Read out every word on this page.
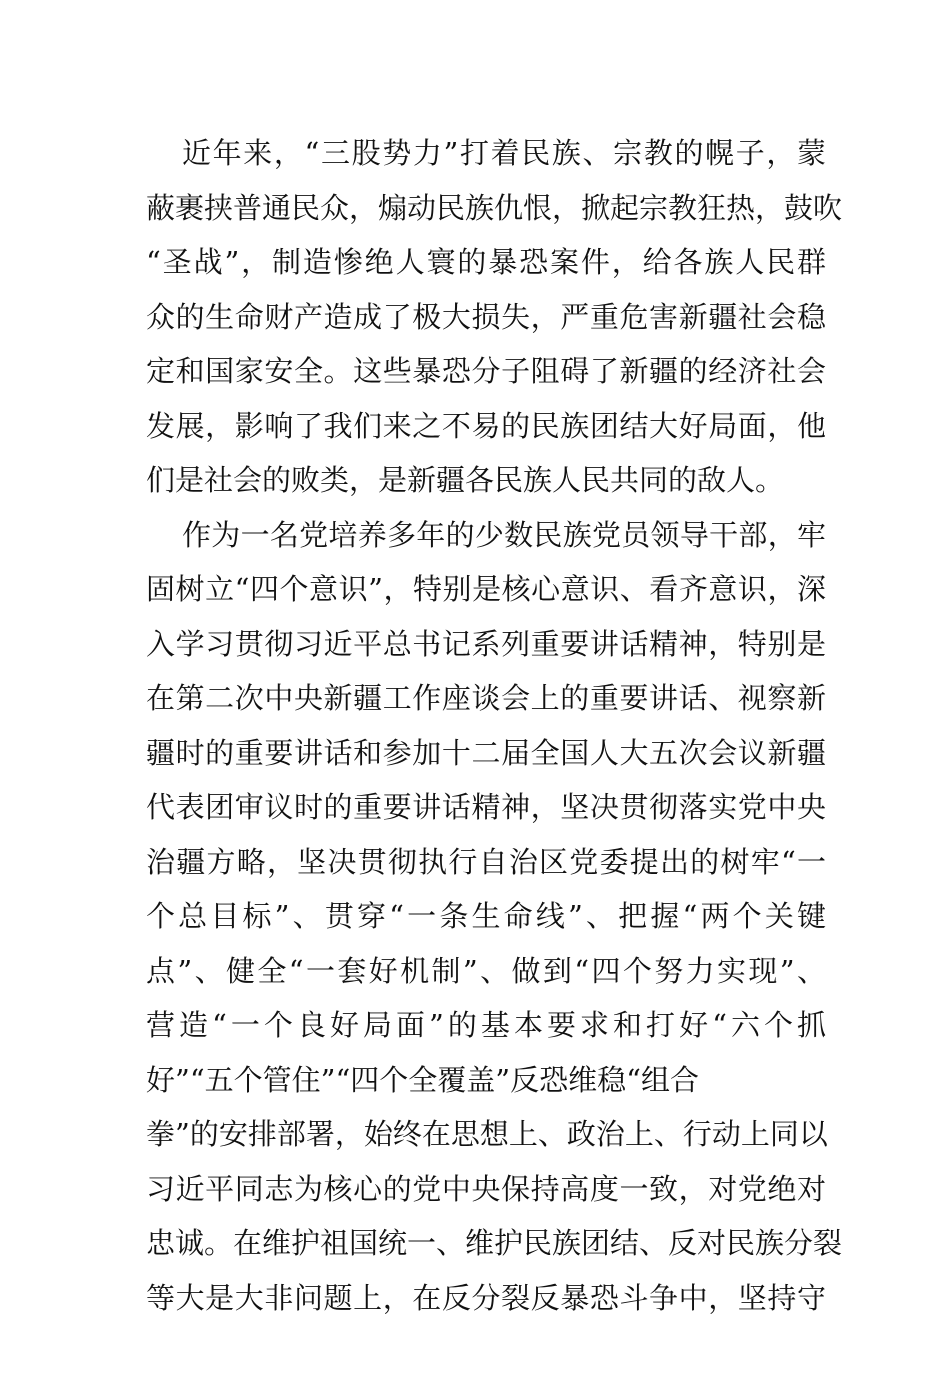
近年来，“三股势力”打着民族、宗教的幌子，蒙
蔽裹挟普通民众，煽动民族仇恨，掀起宗教狂热，鼓吹
“圣战”，制造惨绝人寰的暴恐案件，给各族人民群
众的生命财产造成了极大损失，严重危害新疆社会稳
定和国家安全。这些暴恐分子阻碍了新疆的经济社会
发展，影响了我们来之不易的民族团结大好局面，他
们是社会的败类，是新疆各民族人民共同的敌人。
作为一名党培养多年的少数民族党员领导干部，牢
固树立“四个意识”，特别是核心意识、看齐意识，深
入学习贯彻习近平总书记系列重要讲话精神，特别是
在第二次中央新疆工作座谈会上的重要讲话、视察新
疆时的重要讲话和参加十二届全国人大五次会议新疆
代表团审议时的重要讲话精神，坚决贯彻落实党中央
治疆方略，坚决贯彻执行自治区党委提出的树牢“一
个总目标”、贯穿“一条生命线”、把握“两个关键
点”、健全“一套好机制”、做到“四个努力实现”、
营造“一个良好局面”的基本要求和打好“六个抓
好”“五个管住”“四个全覆盖”反恐维稳“组合
拳”的安排部署，始终在思想上、政治上、行动上同以
习近平同志为核心的党中央保持高度一致，对党绝对
忠诚。在维护祖国统一、维护民族团结、反对民族分裂
等大是大非问题上，在反分裂反暴恐斗争中，坚持守
